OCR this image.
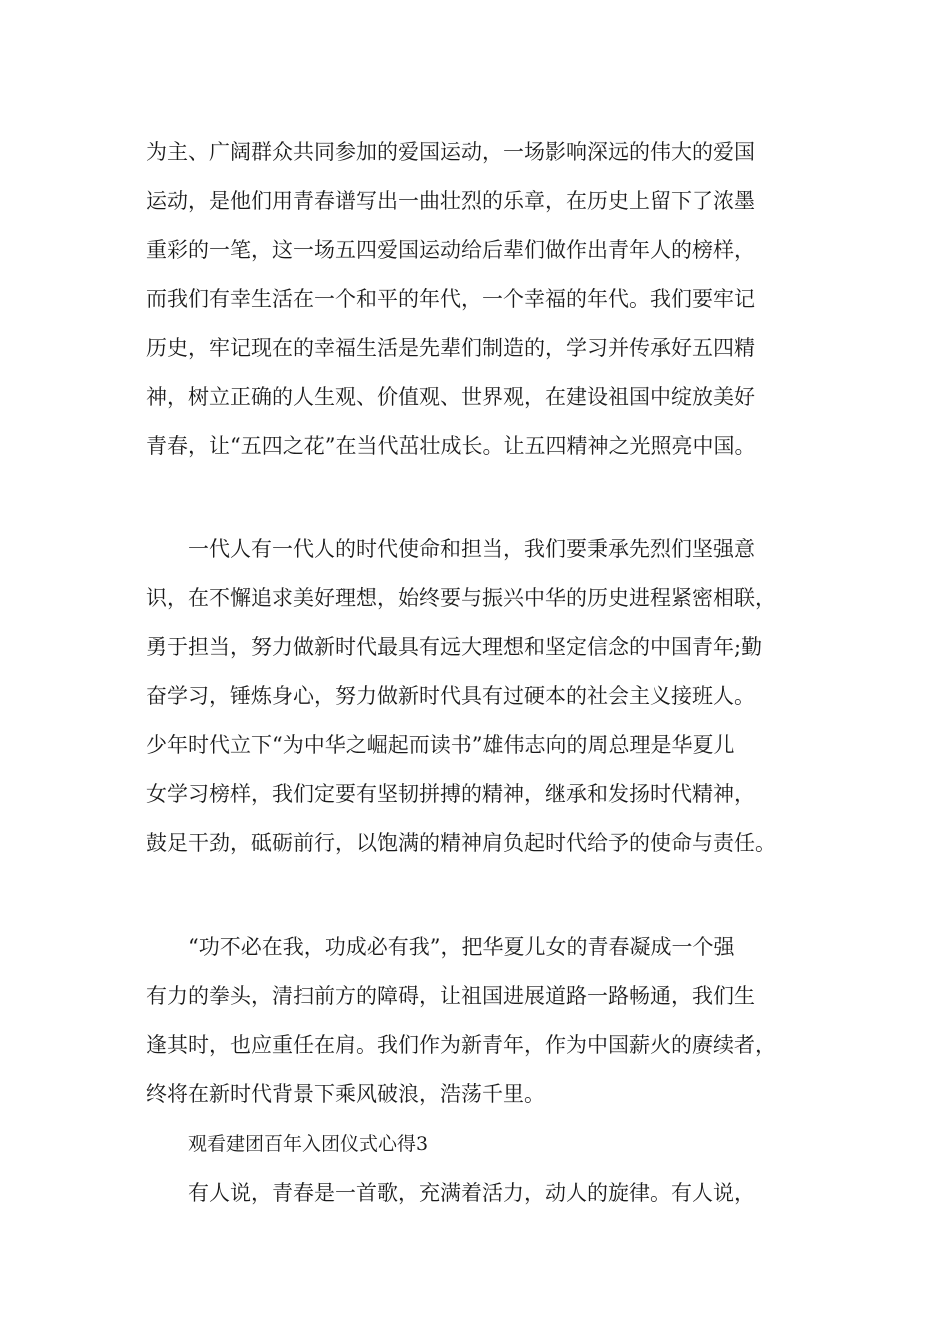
为主、广阔群众共同参加的爱国运动，一场影响深远的伟大的爱国
运动，是他们用青春谱写出一曲壮烈的乐章，在历史上留下了浓墨
重彩的一笔，这一场五四爱国运动给后辈们做作出青年人的榜样，
而我们有幸生活在一个和平的年代，一个幸福的年代。我们要牢记
历史，牢记现在的幸福生活是先辈们制造的，学习并传承好五四精
神，树立正确的人生观、价值观、世界观，在建设祖国中绽放美好
青春，让“五四之花”在当代茁壮成长。让五四精神之光照亮中国。
一代人有一代人的时代使命和担当，我们要秉承先烈们坚强意
识，在不懈追求美好理想，始终要与振兴中华的历史进程紧密相联，
勇于担当，努力做新时代最具有远大理想和坚定信念的中国青年;勤
奋学习，锤炼身心，努力做新时代具有过硬本的社会主义接班人。
少年时代立下“为中华之崛起而读书”雄伟志向的周总理是华夏儿
女学习榜样，我们定要有坚韧拼搏的精神，继承和发扬时代精神，
鼓足干劲，砥砺前行，以饱满的精神肩负起时代给予的使命与责任。
“功不必在我，功成必有我”，把华夏儿女的青春凝成一个强
有力的拳头，清扫前方的障碍，让祖国进展道路一路畅通，我们生
逢其时，也应重任在肩。我们作为新青年，作为中国薪火的赓续者，
终将在新时代背景下乘风破浪，浩荡千里。
观看建团百年入团仪式心得3
有人说，青春是一首歌，充满着活力，动人的旋律。有人说，
